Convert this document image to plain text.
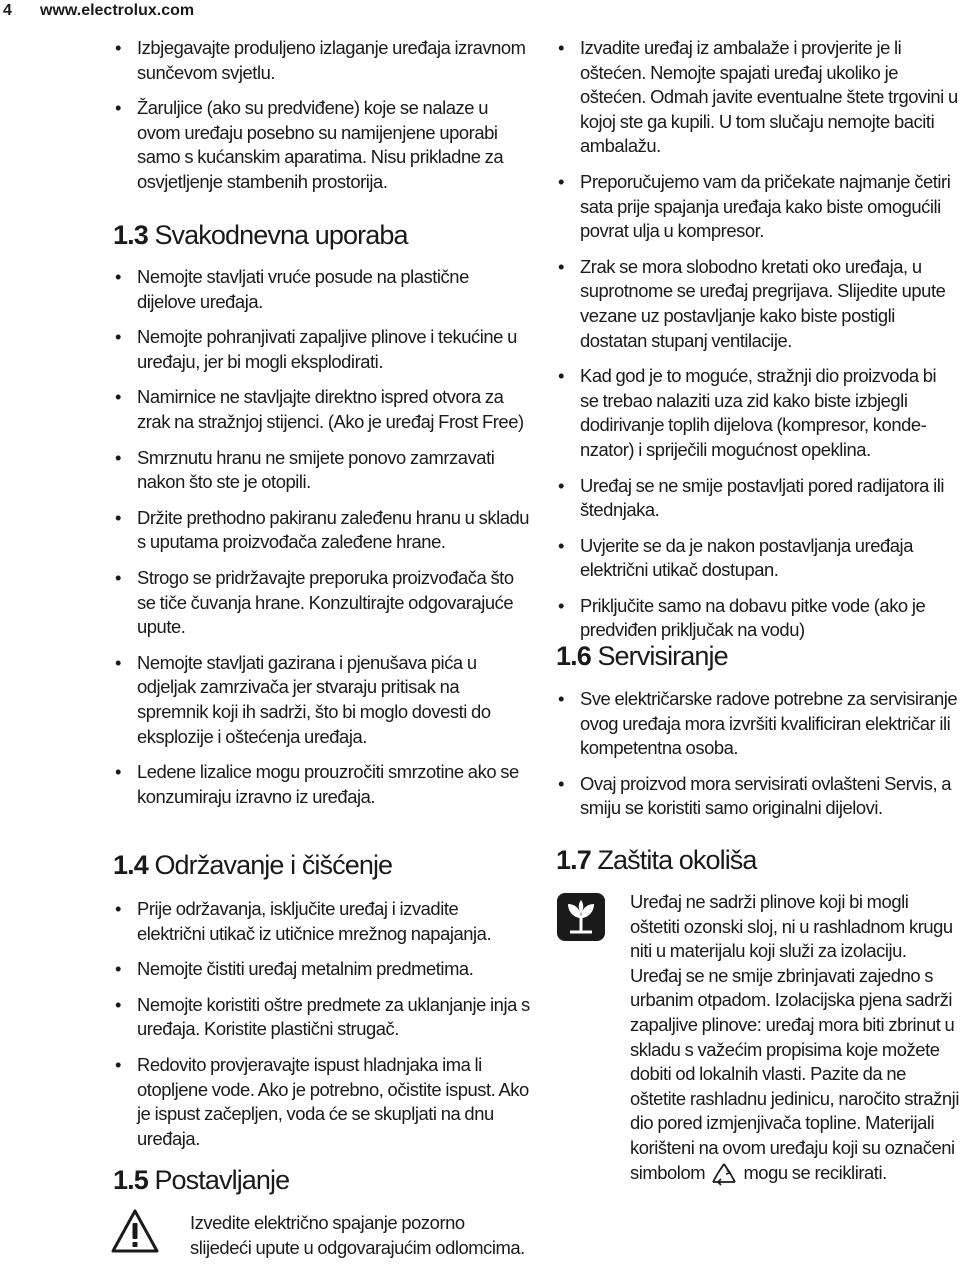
4 www.electrolux.com
• Izbjegavajte produljeno izlaganje uređaja izravnom sunčevom svjetlu.
• Žaruljice (ako su predviđene) koje se nalaze u ovom uređaju posebno su namijenjene uporabi samo s kućanskim aparatima. Nisu prikladne za osvjetljenje stambenih prostorija.
1.3 Svakodnevna uporaba
• Nemojte stavljati vruće posude na plastične dijelove uređaja.
• Nemojte pohranjivati zapaljive plinove i tekućine u uređaju, jer bi mogli eksplodirati.
• Namirnice ne stavljajte direktno ispred otvora za zrak na stražnjoj stijenci. (Ako je uređaj Frost Free)
• Smrznutu hranu ne smijete ponovo zamrzavati nakon što ste je otopili.
• Držite prethodno pakiranu zaleđenu hranu u skladu s uputama proizvođača zaleđene hrane.
• Strogo se pridržavajte preporuka proizvođača što se tiče čuvanja hrane. Konzultirajte odgovarajuće upute.
• Nemojte stavljati gazirana i pjenušava pića u odjeljak zamrzivača jer stvaraju pritisak na spremnik koji ih sadrži, što bi moglo dovesti do eksplozije i oštećenja uređaja.
• Ledene lizalice mogu prouzročiti smrzotine ako se konzumiraju izravno iz uređaja.
1.4 Održavanje i čišćenje
• Prije održavanja, isključite uređaj i izvadite električni utikač iz utičnice mrežnog napajanja.
• Nemojte čistiti uređaj metalnim predmetima.
• Nemojte koristiti oštre predmete za uklanjanje inja s uređaja. Koristite plastični strugač.
• Redovito provjeravajte ispust hladnjaka ima li otopljene vode. Ako je potrebno, očistite ispust. Ako je ispust začepljen, voda će se skupljati na dnu uređaja.
1.5 Postavljanje
Izvedite električno spajanje pozorno slijedeći upute u odgovarajućim odlomcima.
• Izvadite uređaj iz ambalaže i provjerite je li oštećen. Nemojte spajati uređaj ukoliko je oštećen. Odmah javite eventualne štete trgovini u kojoj ste ga kupili. U tom slučaju nemojte baciti ambalažu.
• Preporučujemo vam da pričekate najmanje četiri sata prije spajanja uređaja kako biste omogućili povrat ulja u kompresor.
• Zrak se mora slobodno kretati oko uređaja, u suprotnome se uređaj pregrijava. Slijedite upute vezane uz postavljanje kako biste postigli dostatan stupanj ventilacije.
• Kad god je to moguće, stražnji dio proizvoda bi se trebao nalaziti uza zid kako biste izbjegli dodirivanje toplih dijelova (kompresor, kondenzator) i spriječili mogućnost opeklina.
• Uređaj se ne smije postavljati pored radijatora ili štednjaka.
• Uvjerite se da je nakon postavljanja uređaja električni utikač dostupan.
• Priključite samo na dobavu pitke vode (ako je predviđen priključak na vodu)
1.6 Servisiranje
• Sve električarske radove potrebne za servisiranje ovog uređaja mora izvršiti kvalificiran električar ili kompetentna osoba.
• Ovaj proizvod mora servisirati ovlašteni Servis, a smiju se koristiti samo originalni dijelovi.
1.7 Zaštita okoliša
Uređaj ne sadrži plinove koji bi mogli oštetiti ozonski sloj, ni u rashladnom krugu niti u materijalu koji služi za izolaciju. Uređaj se ne smije zbrinjavati zajedno s urbanim otpadom. Izolacijska pjena sadrži zapaljive plinove: uređaj mora biti zbrinut u skladu s važećim propisima koje možete dobiti od lokalnih vlasti. Pazite da ne oštetite rashladnu jedinicu, naročito stražnji dio pored izmjenjivača topline. Materijali korišteni na ovom uređaju koji su označeni simbolom mogu se reciklirati.
